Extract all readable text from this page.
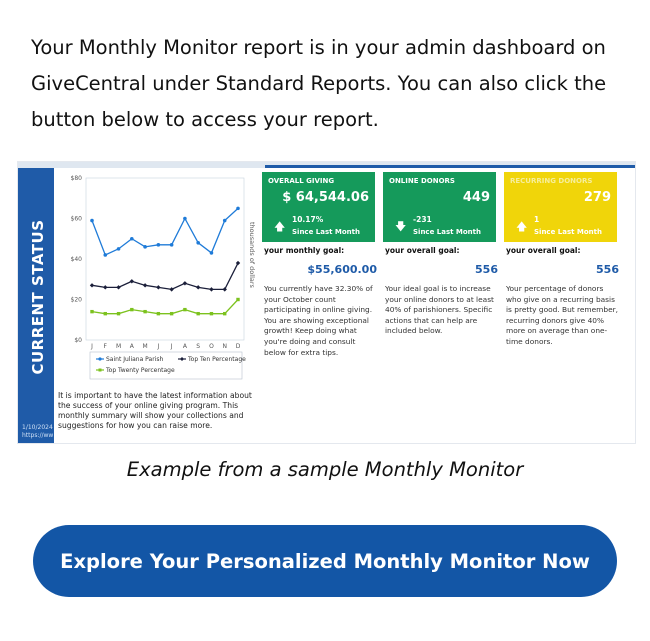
Your Monthly Monitor report is in your admin dashboard on GiveCentral under Standard Reports. You can also click the button below to access your report.

CURRENT STATUS
1/10/2024
https://ww
$0
$20
$40
$60
$80
J F M A M J J A S O N D
thousands of dollars
Saint Juliana Parish	Top Ten Percentage
Top Twenty Percentage
It is important to have the latest information about the success of your online giving program. This monthly summary will show your collections and suggestions for how you can raise more.
OVERALL GIVING
$ 64,544.06
🡅
10.17%
Since Last Month
ONLINE DONORS
449
🡇
-231
Since Last Month
RECURRING DONORS
279
🡅
1
Since Last Month
your monthly goal:
$55,600.00
You currently have 32.30% of your October count participating in online giving. You are showing exceptional growth! Keep doing what you're doing and consult below for extra tips.
your overall goal:
556
Your ideal goal is to increase your online donors to at least 40% of parishioners. Specific actions that can help are included below.
your overall goal:
556
Your percentage of donors who give on a recurring basis is pretty good. But remember, recurring donors give 40% more on average than one-time donors.
Example from a sample Monthly Monitor
Explore Your Personalized Monthly Monitor Now
